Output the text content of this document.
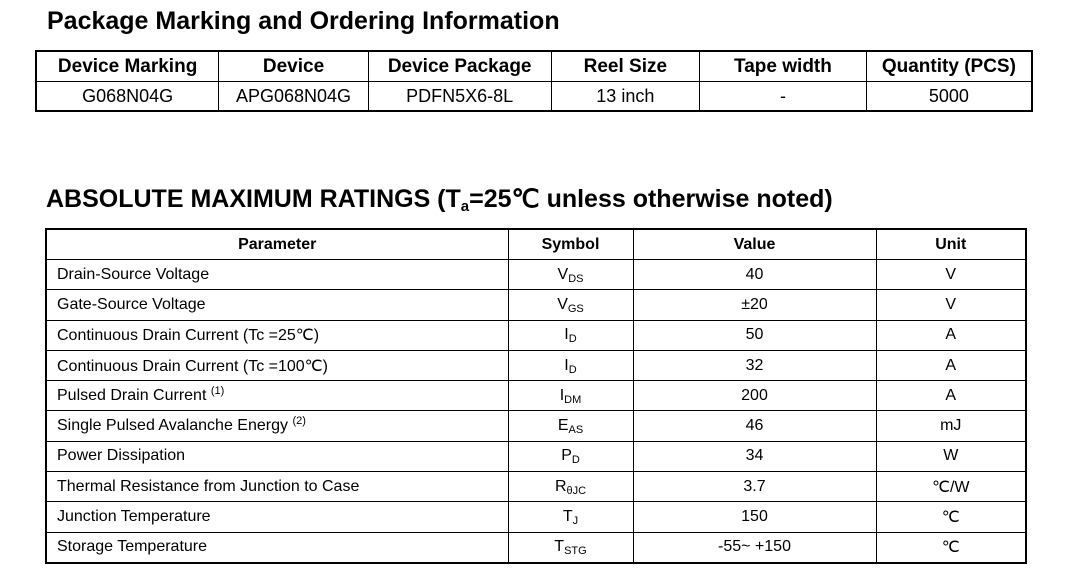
Package Marking and Ordering Information
Device Marking	Device	Device Package	Reel Size	Tape width	Quantity (PCS)
G068N04G	APG068N04G	PDFN5X6-8L	13 inch	-	5000
ABSOLUTE MAXIMUM RATINGS ($T_a=25℃$ unless otherwise noted)
Parameter	Symbol	Value	Unit
Drain-Source Voltage	VDS	40	V
Gate-Source Voltage	VGS	±20	V
Continuous Drain Current (Tc =25℃)	ID	50	A
Continuous Drain Current (Tc =100℃)	ID	32	A
Pulsed Drain Current $^{(1)}$	IDM	200	A
Single Pulsed Avalanche Energy $^{(2)}$	EAS	46	mJ
Power Dissipation	PD	34	W
Thermal Resistance from Junction to Case	RθJC	3.7	℃/W
Junction Temperature	TJ	150	℃
Storage Temperature	TSTG	-55~ +150	℃
